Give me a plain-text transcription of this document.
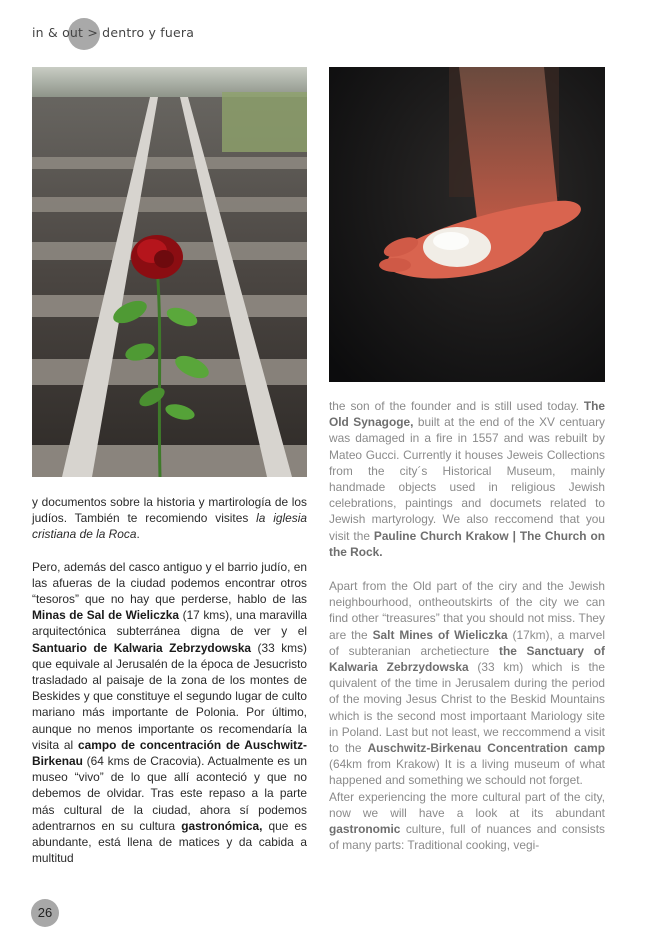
in & out > dentro y fuera

y documentos sobre la historia y martirología de los judíos. También te recomiendo visites la iglesia cristiana de la Roca.

Pero, además del casco antiguo y el barrio judío, en las afueras de la ciudad podemos encontrar otros “tesoros” que no hay que perderse, hablo de las Minas de Sal de Wieliczka (17 kms), una maravilla arquitectónica subterránea digna de ver y el Santuario de Kalwaria Zebrzydowska (33 kms) que equivale al Jerusalén de la época de Jesucristo trasladado al paisaje de la zona de los montes de Beskides y que constituye el segundo lugar de culto mariano más importante de Polonia. Por último, aunque no menos importante os recomendaría la visita al campo de concentración de Auschwitz-Birkenau (64 kms de Cracovia). Actualmente es un museo “vivo” de lo que allí aconteció y que no debemos de olvidar. Tras este repaso a la parte más cultural de la ciudad, ahora sí podemos adentrarnos en su cultura gastronómica, que es abundante, está llena de matices y da cabida a multitud

the son of the founder and is still used today. The Old Synagoge, built at the end of the XV centuary was damaged in a fire in 1557 and was rebuilt by Mateo Gucci. Currently it houses Jeweis Collections from the city´s Historical Museum, mainly handmade objects used in religious Jewish celebrations, paintings and documets related to Jewish martyrology. We also reccomend that you visit the Pauline Church Krakow | The Church on the Rock.

Apart from the Old part of the ciry and the Jewish neighbourhood, ontheoutskirts of the city we can find other “treasures” that you should not miss. They are the Salt Mines of Wieliczka (17km), a marvel of subteranian archetiecture the Sanctuary of Kalwaria Zebrzydowska (33 km) which is the quivalent of the time in Jerusalem during the period of the moving Jesus Christ to the Beskid Mountains which is the second most importaant Mariology site in Poland. Last but not least, we reccommend a visit to the Auschwitz-Birkenau Concentration camp (64km from Krakow) It is a living museum of what happened and something we schould not forget.

After experiencing the more cultural part of the city, now we will have a look at its abundant gastronomic culture, full of nuances and consists of many parts: Traditional cooking, vegi-

26
